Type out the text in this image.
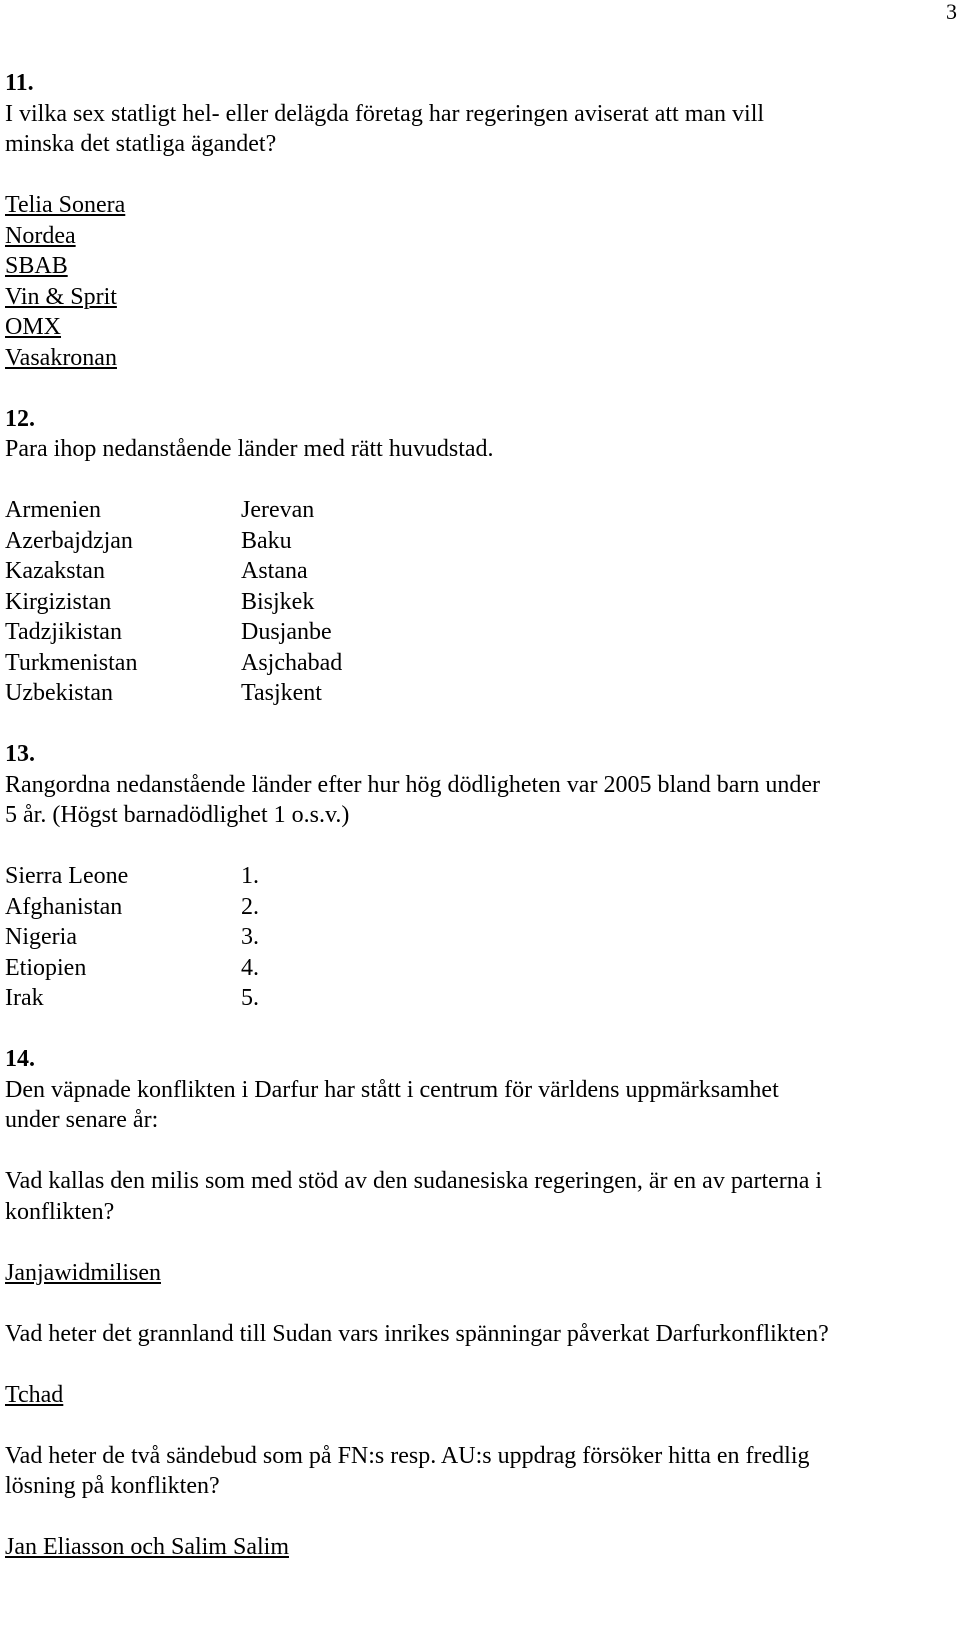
3
11.
I vilka sex statligt hel- eller delägda företag har regeringen aviserat att man vill
minska det statliga ägandet?
Telia Sonera
Nordea
SBAB
Vin & Sprit
OMX
Vasakronan
12.
Para ihop nedanstående länder med rätt huvudstad.
Armenien	Jerevan
Azerbajdzjan	Baku
Kazakstan	Astana
Kirgizistan	Bisjkek
Tadzjikistan	Dusjanbe
Turkmenistan	Asjchabad
Uzbekistan	Tasjkent
13.
Rangordna nedanstående länder efter hur hög dödligheten var 2005 bland barn under
5 år. (Högst barnadödlighet 1 o.s.v.)
Sierra Leone	1.
Afghanistan	2.
Nigeria	3.
Etiopien	4.
Irak	5.
14.
Den väpnade konflikten i Darfur har stått i centrum för världens uppmärksamhet
under senare år:
Vad kallas den milis som med stöd av den sudanesiska regeringen, är en av parterna i
konflikten?
Janjawidmilisen
Vad heter det grannland till Sudan vars inrikes spänningar påverkat Darfurkonflikten?
Tchad
Vad heter de två sändebud som på FN:s resp. AU:s uppdrag försöker hitta en fredlig
lösning på konflikten?
Jan Eliasson och Salim Salim
